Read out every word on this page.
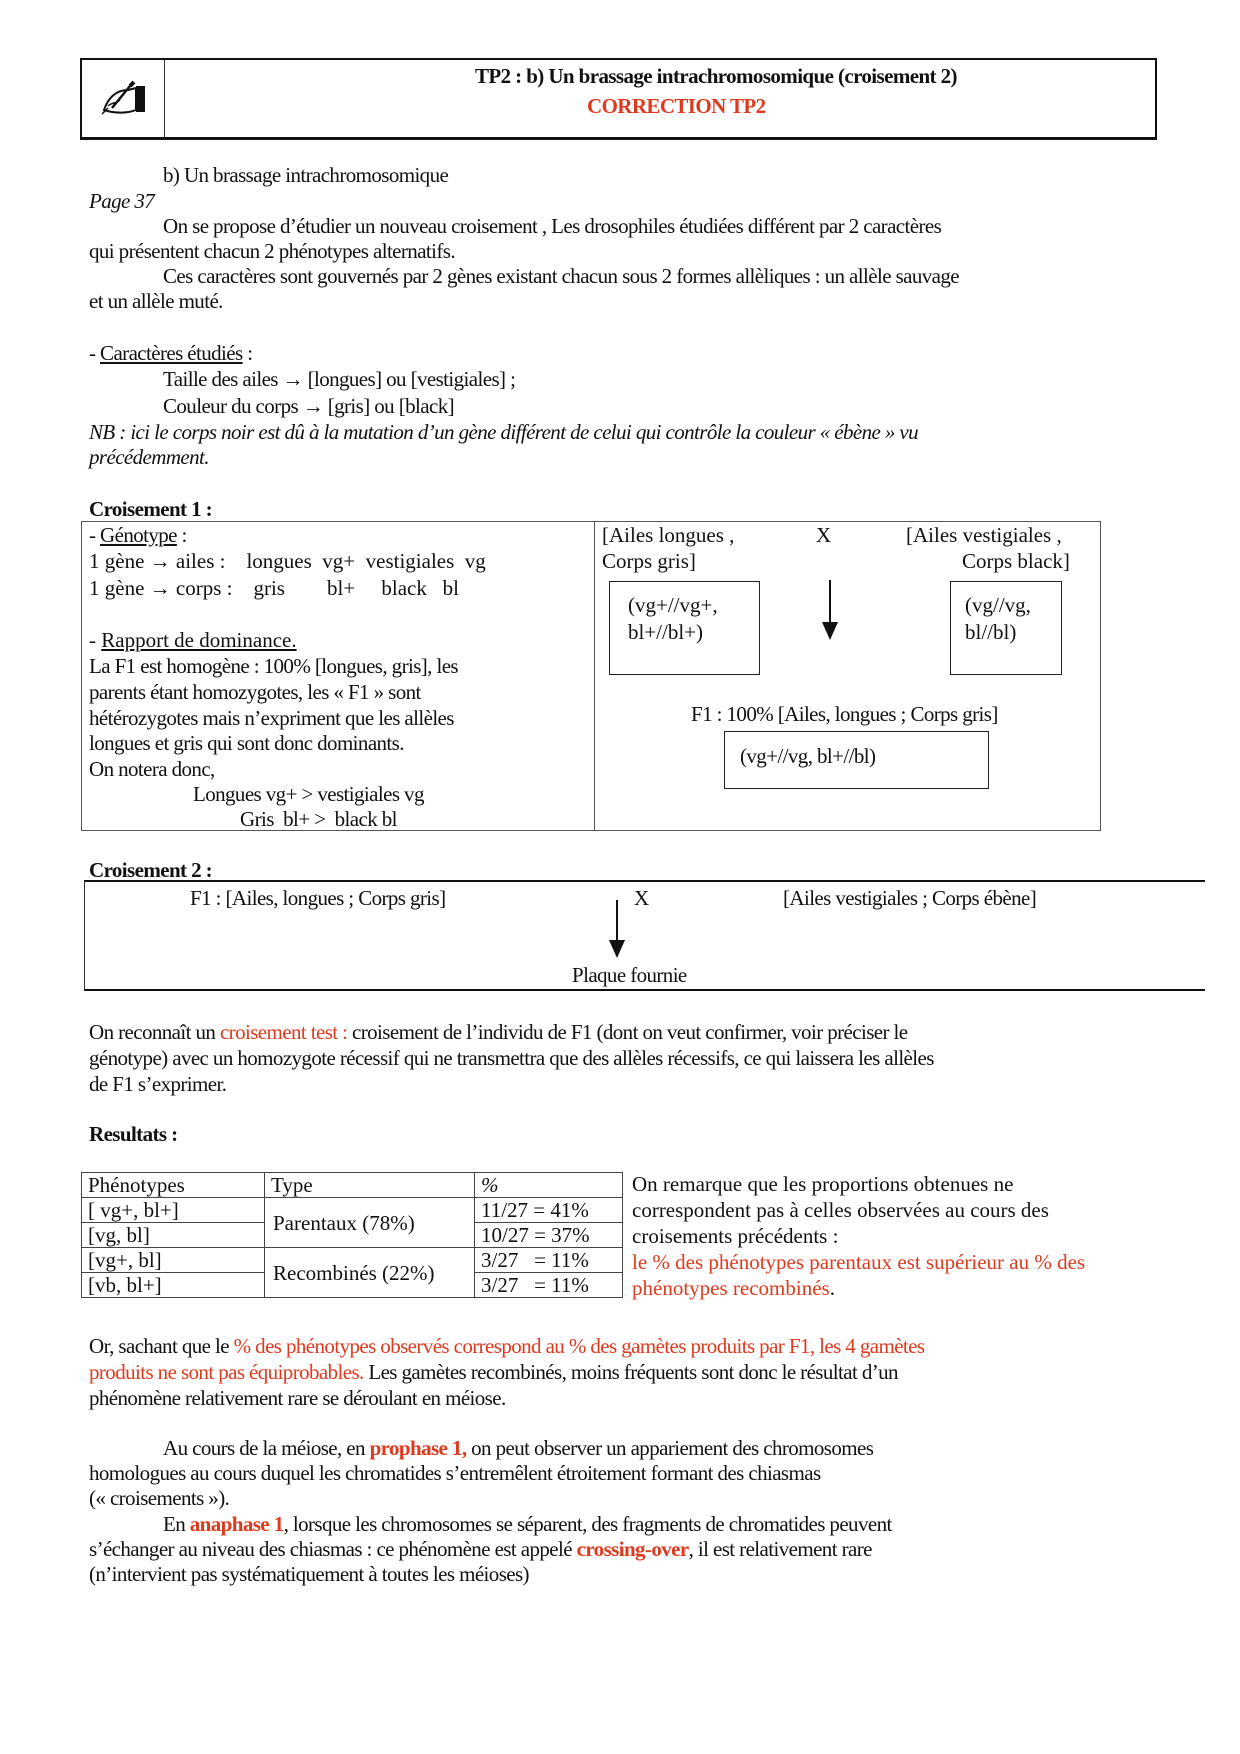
TP2 : b) Un brassage intrachromosomique (croisement 2)
CORRECTION TP2
b) Un brassage intrachromosomique
Page 37
On se propose d’étudier un nouveau croisement , Les drosophiles étudiées différent par 2 caractères
qui présentent chacun 2 phénotypes alternatifs.
Ces caractères sont gouvernés par 2 gènes existant chacun sous 2 formes allèliques : un allèle sauvage
et un allèle muté.
- Caractères étudiés :
Taille des ailes → [longues] ou [vestigiales] ;
Couleur du corps → [gris] ou [black]
NB : ici le corps noir est dû à la mutation d’un gène différent de celui qui contrôle la couleur « ébène » vu
précédemment.
Croisement 1 :
- Génotype :
1 gène → ailes :    longues  vg+  vestigiales  vg
1 gène → corps :    gris        bl+     black   bl
- Rapport de dominance.
La F1 est homogène : 100% [longues, gris], les
parents étant homozygotes, les « F1 » sont
hétérozygotes mais n’expriment que les allèles
longues et gris qui sont donc dominants.
On notera donc,
Longues vg+ > vestigiales vg
Gris  bl+ >  black bl
[Ailes longues ,
Corps gris]
X	[Ailes vestigiales ,
Corps black]
(vg+//vg+,
bl+//bl+)
(vg//vg,
bl//bl)
F1 : 100% [Ailes, longues ; Corps gris]
(vg+//vg, bl+//bl)
Croisement 2 :
F1 : [Ailes, longues ; Corps gris]	X	[Ailes vestigiales ; Corps ébène]
Plaque fournie
On reconnaît un croisement test : croisement de l’individu de F1 (dont on veut confirmer, voir préciser le
génotype) avec un homozygote récessif qui ne transmettra que des allèles récessifs, ce qui laissera les allèles
de F1 s’exprimer.
Resultats :
Phénotypes	Type	%
[ vg+, bl+]	Parentaux (78%)	11/27 = 41%
[vg, bl]		10/27 = 37%
[vg+, bl]	Recombinés (22%)	3/27   = 11%
[vb, bl+]		3/27   = 11%
On remarque que les proportions obtenues ne
correspondent pas à celles observées au cours des
croisements précédents :
le % des phénotypes parentaux est supérieur au % des
phénotypes recombinés.
Or, sachant que le % des phénotypes observés correspond au % des gamètes produits par F1, les 4 gamètes
produits ne sont pas équiprobables. Les gamètes recombinés, moins fréquents sont donc le résultat d’un
phénomène relativement rare se déroulant en méiose.
Au cours de la méiose, en prophase 1, on peut observer un appariement des chromosomes
homologues au cours duquel les chromatides s’entremêlent étroitement formant des chiasmas
(« croisements »).
En anaphase 1, lorsque les chromosomes se séparent, des fragments de chromatides peuvent
s’échanger au niveau des chiasmas : ce phénomène est appelé crossing-over, il est relativement rare
(n’intervient pas systématiquement à toutes les méioses)
